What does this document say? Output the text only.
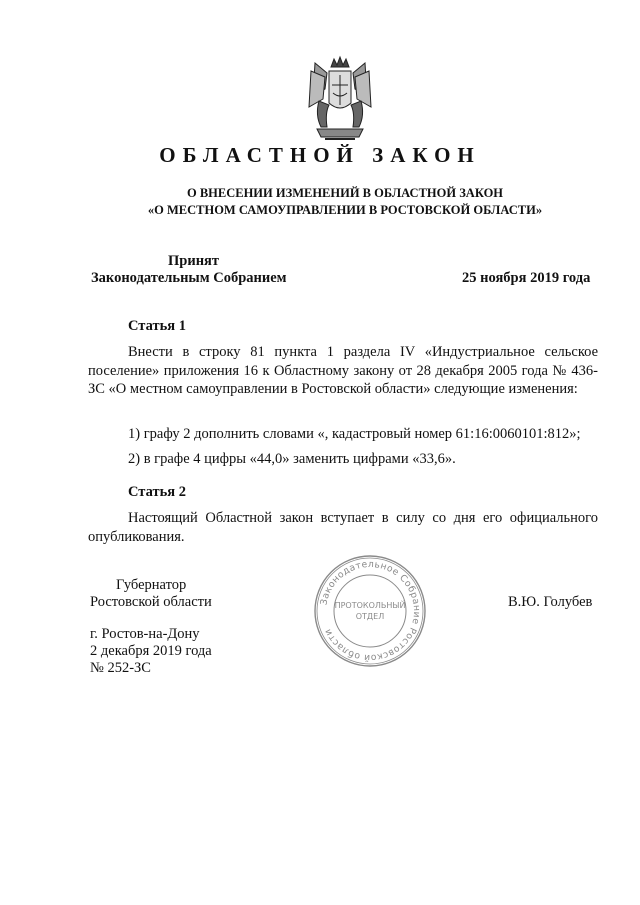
ОБЛАСТНОЙ ЗАКОН
О ВНЕСЕНИИ ИЗМЕНЕНИЙ В ОБЛАСТНОЙ ЗАКОН
«О МЕСТНОМ САМОУПРАВЛЕНИИ В РОСТОВСКОЙ ОБЛАСТИ»
Принят
Законодательным Собранием	25 ноября 2019 года
Статья 1
Внести в строку 81 пункта 1 раздела IV «Индустриальное сельское поселение» приложения 16 к Областному закону от 28 декабря 2005 года № 436-ЗС «О местном самоуправлении в Ростовской области» следующие изменения:
1) графу 2 дополнить словами «, кадастровый номер 61:16:0060101:812»;
2) в графе 4 цифры «44,0» заменить цифрами «33,6».
Статья 2
Настоящий Областной закон вступает в силу со дня его официального опубликования.
Законодательное Собрание Ростовской области
ПРОТОКОЛЬНЫЙ
ОТДЕЛ
Губернатор
Ростовской области	В.Ю. Голубев
г. Ростов-на-Дону
2 декабря 2019 года
№ 252-ЗС
